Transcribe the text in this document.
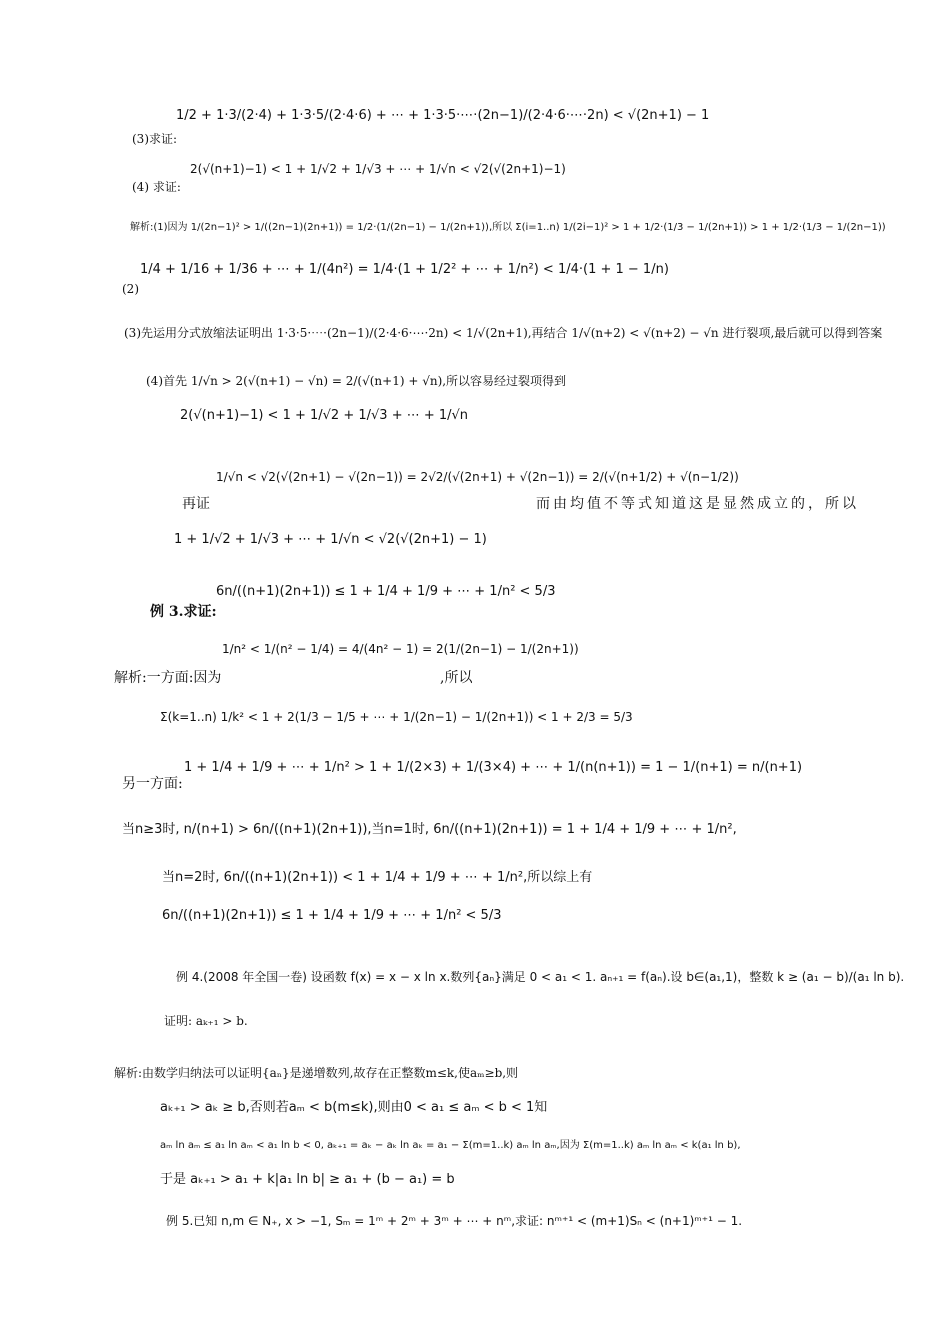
1/2 + 1·3/(2·4) + 1·3·5/(2·4·6) + ⋯ + 1·3·5·⋯·(2n−1)/(2·4·6·⋯·2n) < √(2n+1) − 1
(3)求证:
2(√(n+1)−1) < 1 + 1/√2 + 1/√3 + ⋯ + 1/√n < √2(√(2n+1)−1)
(4) 求证:
解析:(1)因为 1/(2n−1)² > 1/((2n−1)(2n+1)) = 1/2·(1/(2n−1) − 1/(2n+1)),所以 Σ(i=1..n) 1/(2i−1)² > 1 + 1/2·(1/3 − 1/(2n+1)) > 1 + 1/2·(1/3 − 1/(2n−1))
1/4 + 1/16 + 1/36 + ⋯ + 1/(4n²) = 1/4·(1 + 1/2² + ⋯ + 1/n²) < 1/4·(1 + 1 − 1/n)
(2)
(3)先运用分式放缩法证明出 1·3·5·⋯·(2n−1)/(2·4·6·⋯·2n) < 1/√(2n+1),再结合 1/√(n+2) < √(n+2) − √n 进行裂项,最后就可以得到答案
(4)首先 1/√n > 2(√(n+1) − √n) = 2/(√(n+1) + √n),所以容易经过裂项得到
2(√(n+1)−1) < 1 + 1/√2 + 1/√3 + ⋯ + 1/√n
1/√n < √2(√(2n+1) − √(2n−1)) = 2√2/(√(2n+1) + √(2n−1)) = 2/(√(n+1/2) + √(n−1/2))
再证	而由均值不等式知道这是显然成立的，所以
1 + 1/√2 + 1/√3 + ⋯ + 1/√n < √2(√(2n+1) − 1)
6n/((n+1)(2n+1)) ≤ 1 + 1/4 + 1/9 + ⋯ + 1/n² < 5/3
例 3.求证:
1/n² < 1/(n² − 1/4) = 4/(4n² − 1) = 2(1/(2n−1) − 1/(2n+1))
解析:一方面:因为	,所以
Σ(k=1..n) 1/k² < 1 + 2(1/3 − 1/5 + ⋯ + 1/(2n−1) − 1/(2n+1)) < 1 + 2/3 = 5/3
1 + 1/4 + 1/9 + ⋯ + 1/n² > 1 + 1/(2×3) + 1/(3×4) + ⋯ + 1/(n(n+1)) = 1 − 1/(n+1) = n/(n+1)
另一方面:
当n≥3时, n/(n+1) > 6n/((n+1)(2n+1)),当n=1时, 6n/((n+1)(2n+1)) = 1 + 1/4 + 1/9 + ⋯ + 1/n²,
当n=2时, 6n/((n+1)(2n+1)) < 1 + 1/4 + 1/9 + ⋯ + 1/n²,所以综上有
6n/((n+1)(2n+1)) ≤ 1 + 1/4 + 1/9 + ⋯ + 1/n² < 5/3
例 4.(2008 年全国一卷) 设函数 f(x) = x − x ln x.数列{aₙ}满足 0 < a₁ < 1. aₙ₊₁ = f(aₙ).设 b∈(a₁,1)，整数 k ≥ (a₁ − b)/(a₁ ln b).
证明: aₖ₊₁ > b.
解析:由数学归纳法可以证明{aₙ}是递增数列,故存在正整数m≤k,使aₘ≥b,则
aₖ₊₁ > aₖ ≥ b,否则若aₘ < b(m≤k),则由0 < a₁ ≤ aₘ < b < 1知
aₘ ln aₘ ≤ a₁ ln aₘ < a₁ ln b < 0, aₖ₊₁ = aₖ − aₖ ln aₖ = a₁ − Σ(m=1..k) aₘ ln aₘ,因为 Σ(m=1..k) aₘ ln aₘ < k(a₁ ln b),
于是 aₖ₊₁ > a₁ + k|a₁ ln b| ≥ a₁ + (b − a₁) = b
例 5.已知 n,m ∈ N₊, x > −1, Sₘ = 1ᵐ + 2ᵐ + 3ᵐ + ⋯ + nᵐ,求证: nᵐ⁺¹ < (m+1)Sₙ < (n+1)ᵐ⁺¹ − 1.
